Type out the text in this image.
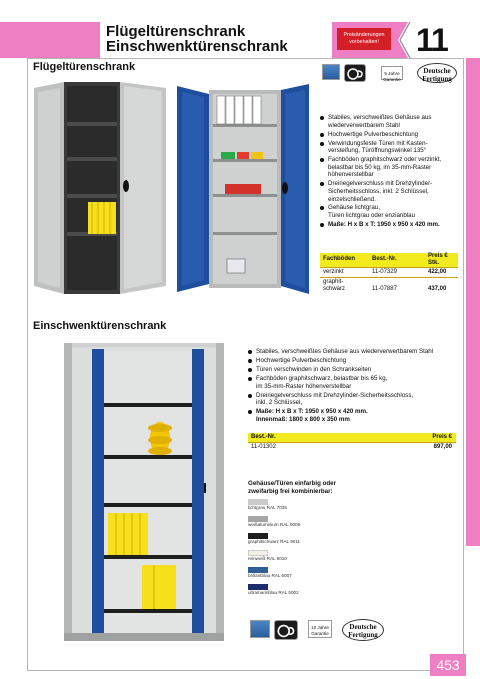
Flügeltürenschrank
Einschwenktürenschrank
Preisänderungen
vorbehalten!	11
Flügeltürenschrank
5 Jahre
Garantie
Deutsche
Fertigung
Stabiles, verschweißtes Gehäuse aus
wiederverwertbarem Stahl
Hochwertige Pulverbeschichtung
Verwindungsfeste Türen mit Kasten-
versteifung, Türöffnungswinkel 135°
Fachböden graphitschwarz oder verzinkt,
belastbar bis 50 kg, im 35-mm-Raster
höhenverstellbar
Dreiriegelverschluss mit Drehzylinder-
Sicherheitsschloss, inkl. 2 Schlüssel,
einzelschließend.
Gehäuse lichtgrau,
Türen lichtgrau oder enzianblau
Maße: H x B x T: 1950 x 950 x 420 mm.
Fachböden	Best.-Nr.	Preis €
Stk.
verzinkt	11-07329	422,00
graphit-
schwarz	11-07887	437,00
Einschwenktürenschrank
Stabiles, verschweißtes Gehäuse aus wiederverwertbarem Stahl
Hochwertige Pulverbeschichtung
Türen verschwinden in den Schrankseiten
Fachböden graphitschwarz, belastbar bis 65 kg,
im 35-mm-Raster höhenverstellbar
Dreiriegelverschluss mit Drehzylinder-Sicherheitsschloss,
inkl. 2 Schlüssel,
Maße: H x B x T: 1950 x 950 x 420 mm.
Innenmaß: 1800 x 800 x 350 mm
Best.-Nr.	Preis €
11-01302	897,00
Gehäuse/Türen einfarbig oder
zweifarbig frei kombinierbar:
lichtgrau RAL 7035
weißaluminium RAL 9006
graphitschwarz RAL 9011
reinweiß RAL 9010
brillantblau RAL 5007
ultramarinblau RAL 5002
10 Jahre
Garantie
Deutsche
Fertigung
453
